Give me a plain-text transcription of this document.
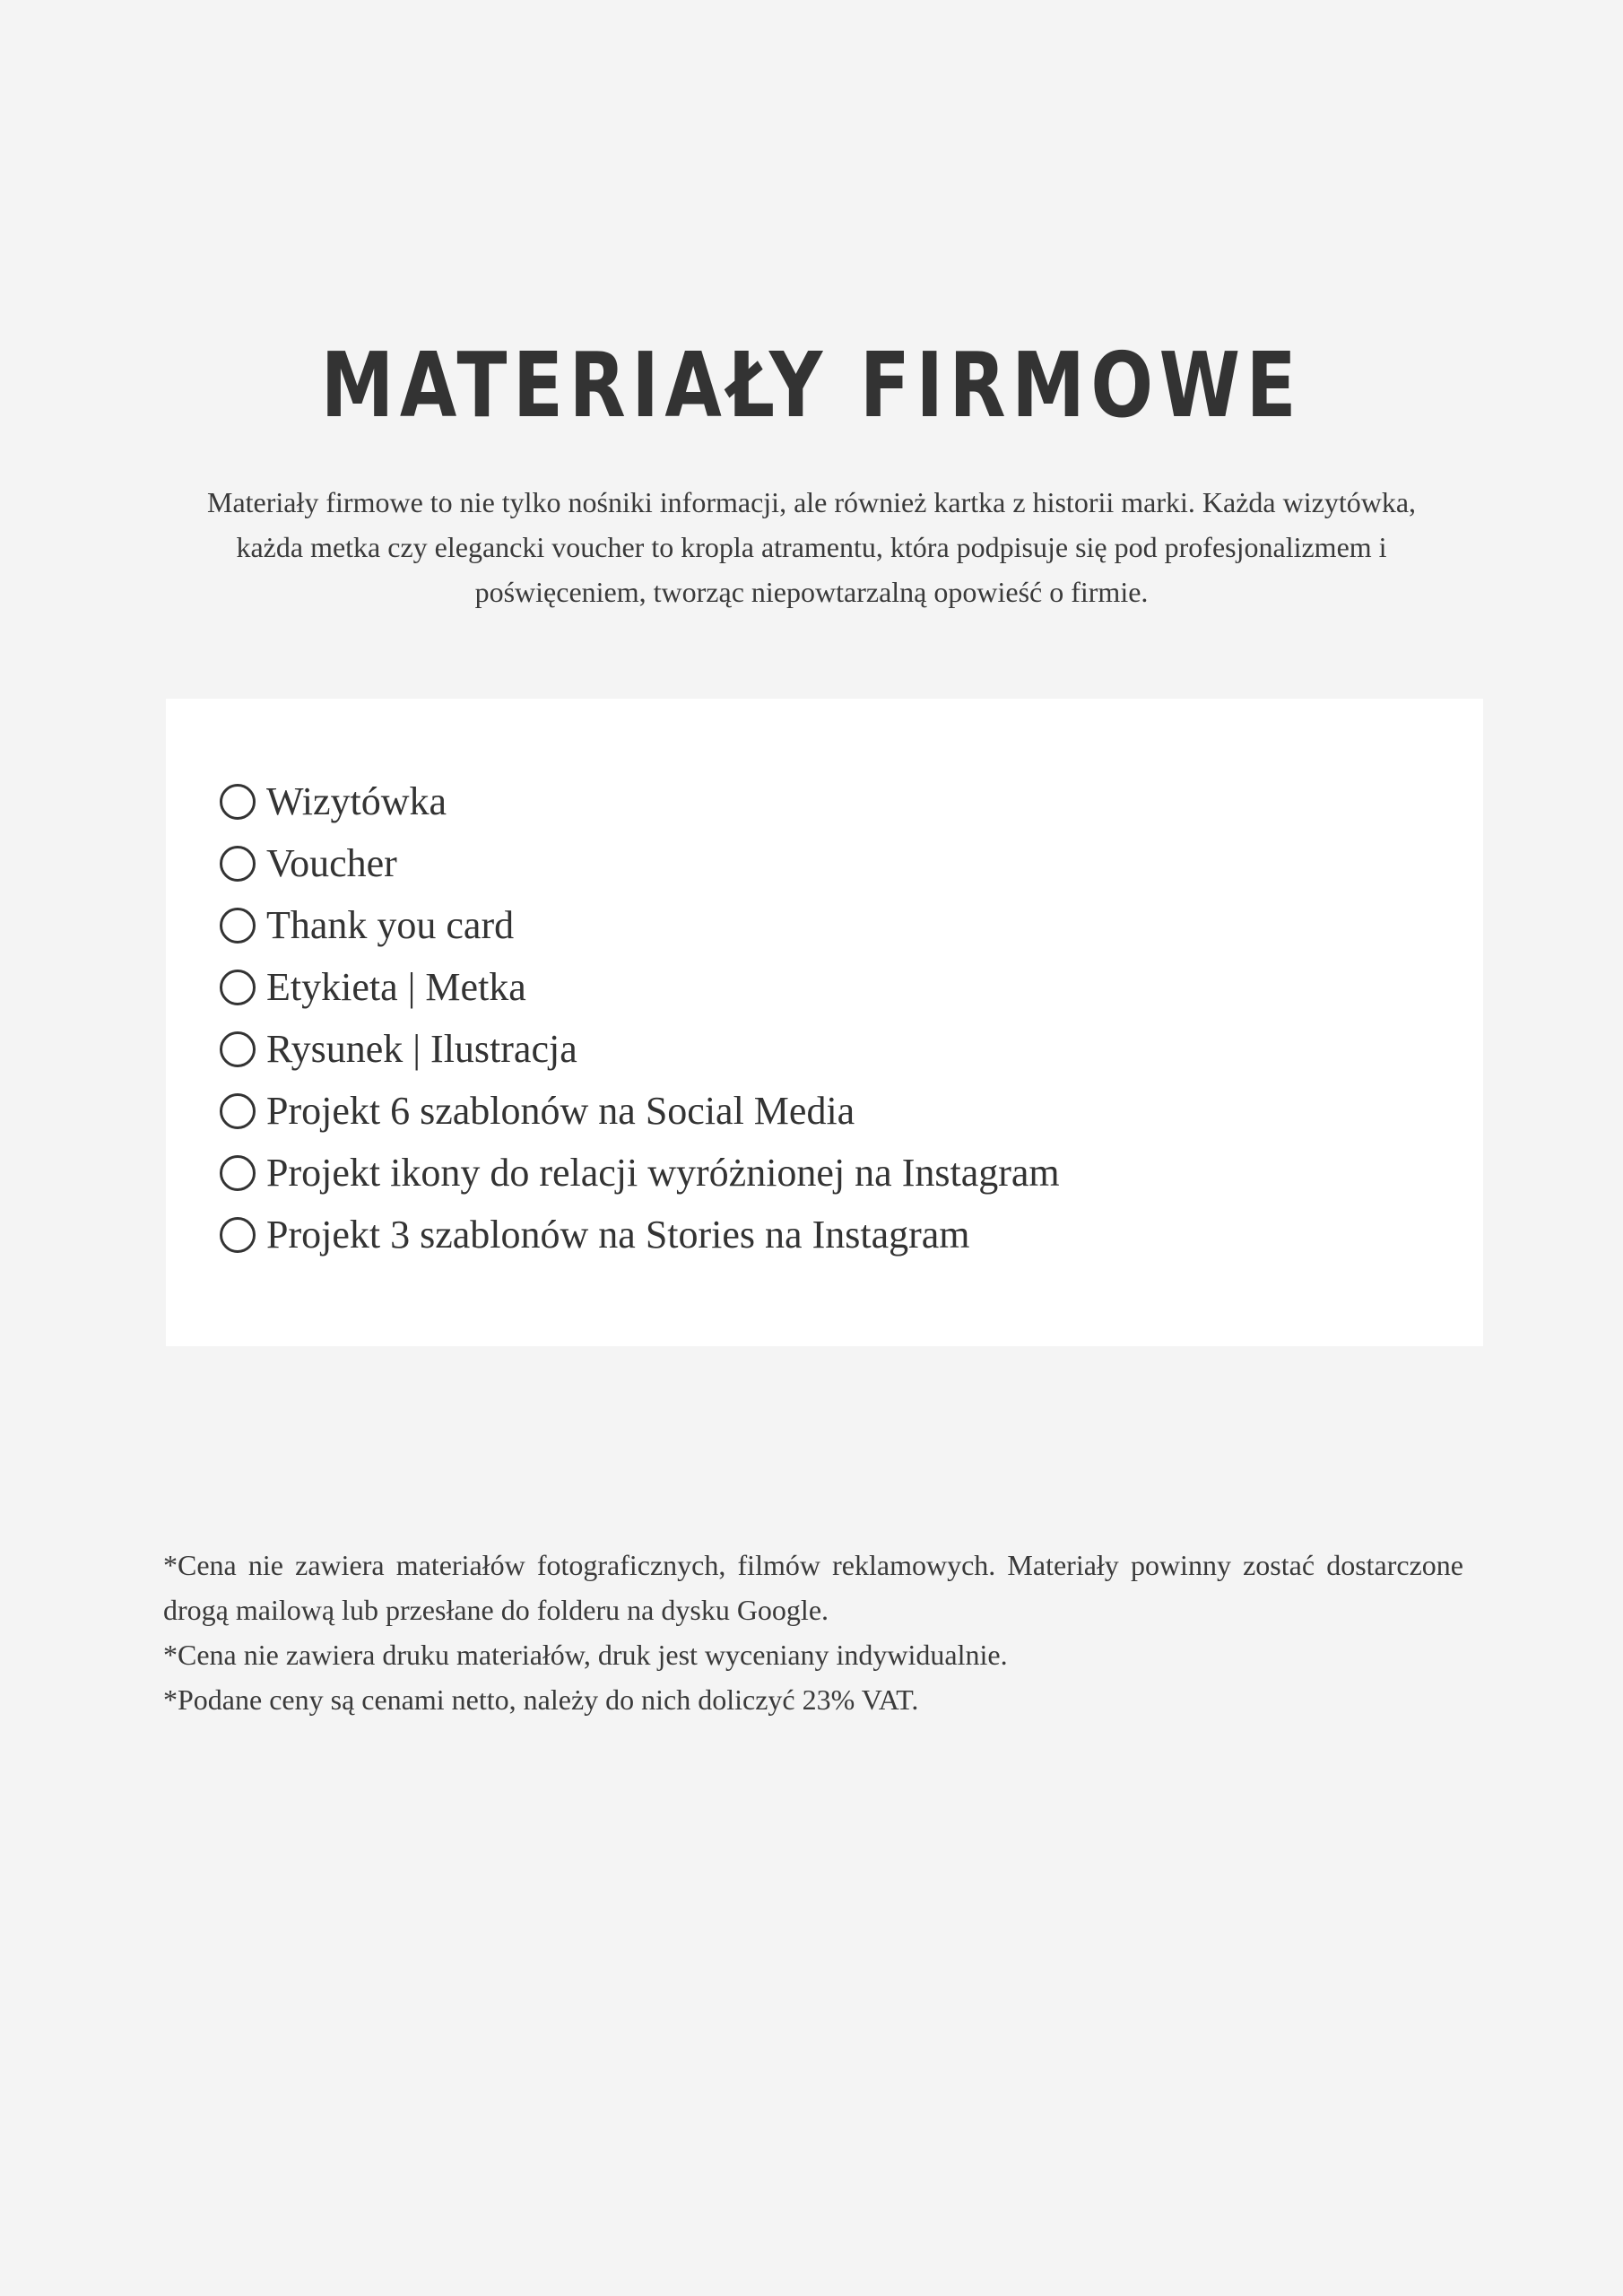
MATERIAŁY FIRMOWE

Materiały firmowe to nie tylko nośniki informacji, ale również kartka z historii marki. Każda wizytówka, każda metka czy elegancki voucher to kropla atramentu, która podpisuje się pod profesjonalizmem i poświęceniem, tworząc niepowtarzalną opowieść o firmie.

Wizytówka
Voucher
Thank you card
Etykieta | Metka
Rysunek | Ilustracja
Projekt 6 szablonów na Social Media
Projekt ikony do relacji wyróżnionej na Instagram
Projekt 3 szablonów na Stories na Instagram

*Cena nie zawiera materiałów fotograficznych, filmów reklamowych. Materiały powinny zostać dostarczone drogą mailową lub przesłane do folderu na dysku Google.

*Cena nie zawiera druku materiałów, druk jest wyceniany indywidualnie.

*Podane ceny są cenami netto, należy do nich doliczyć 23% VAT.
